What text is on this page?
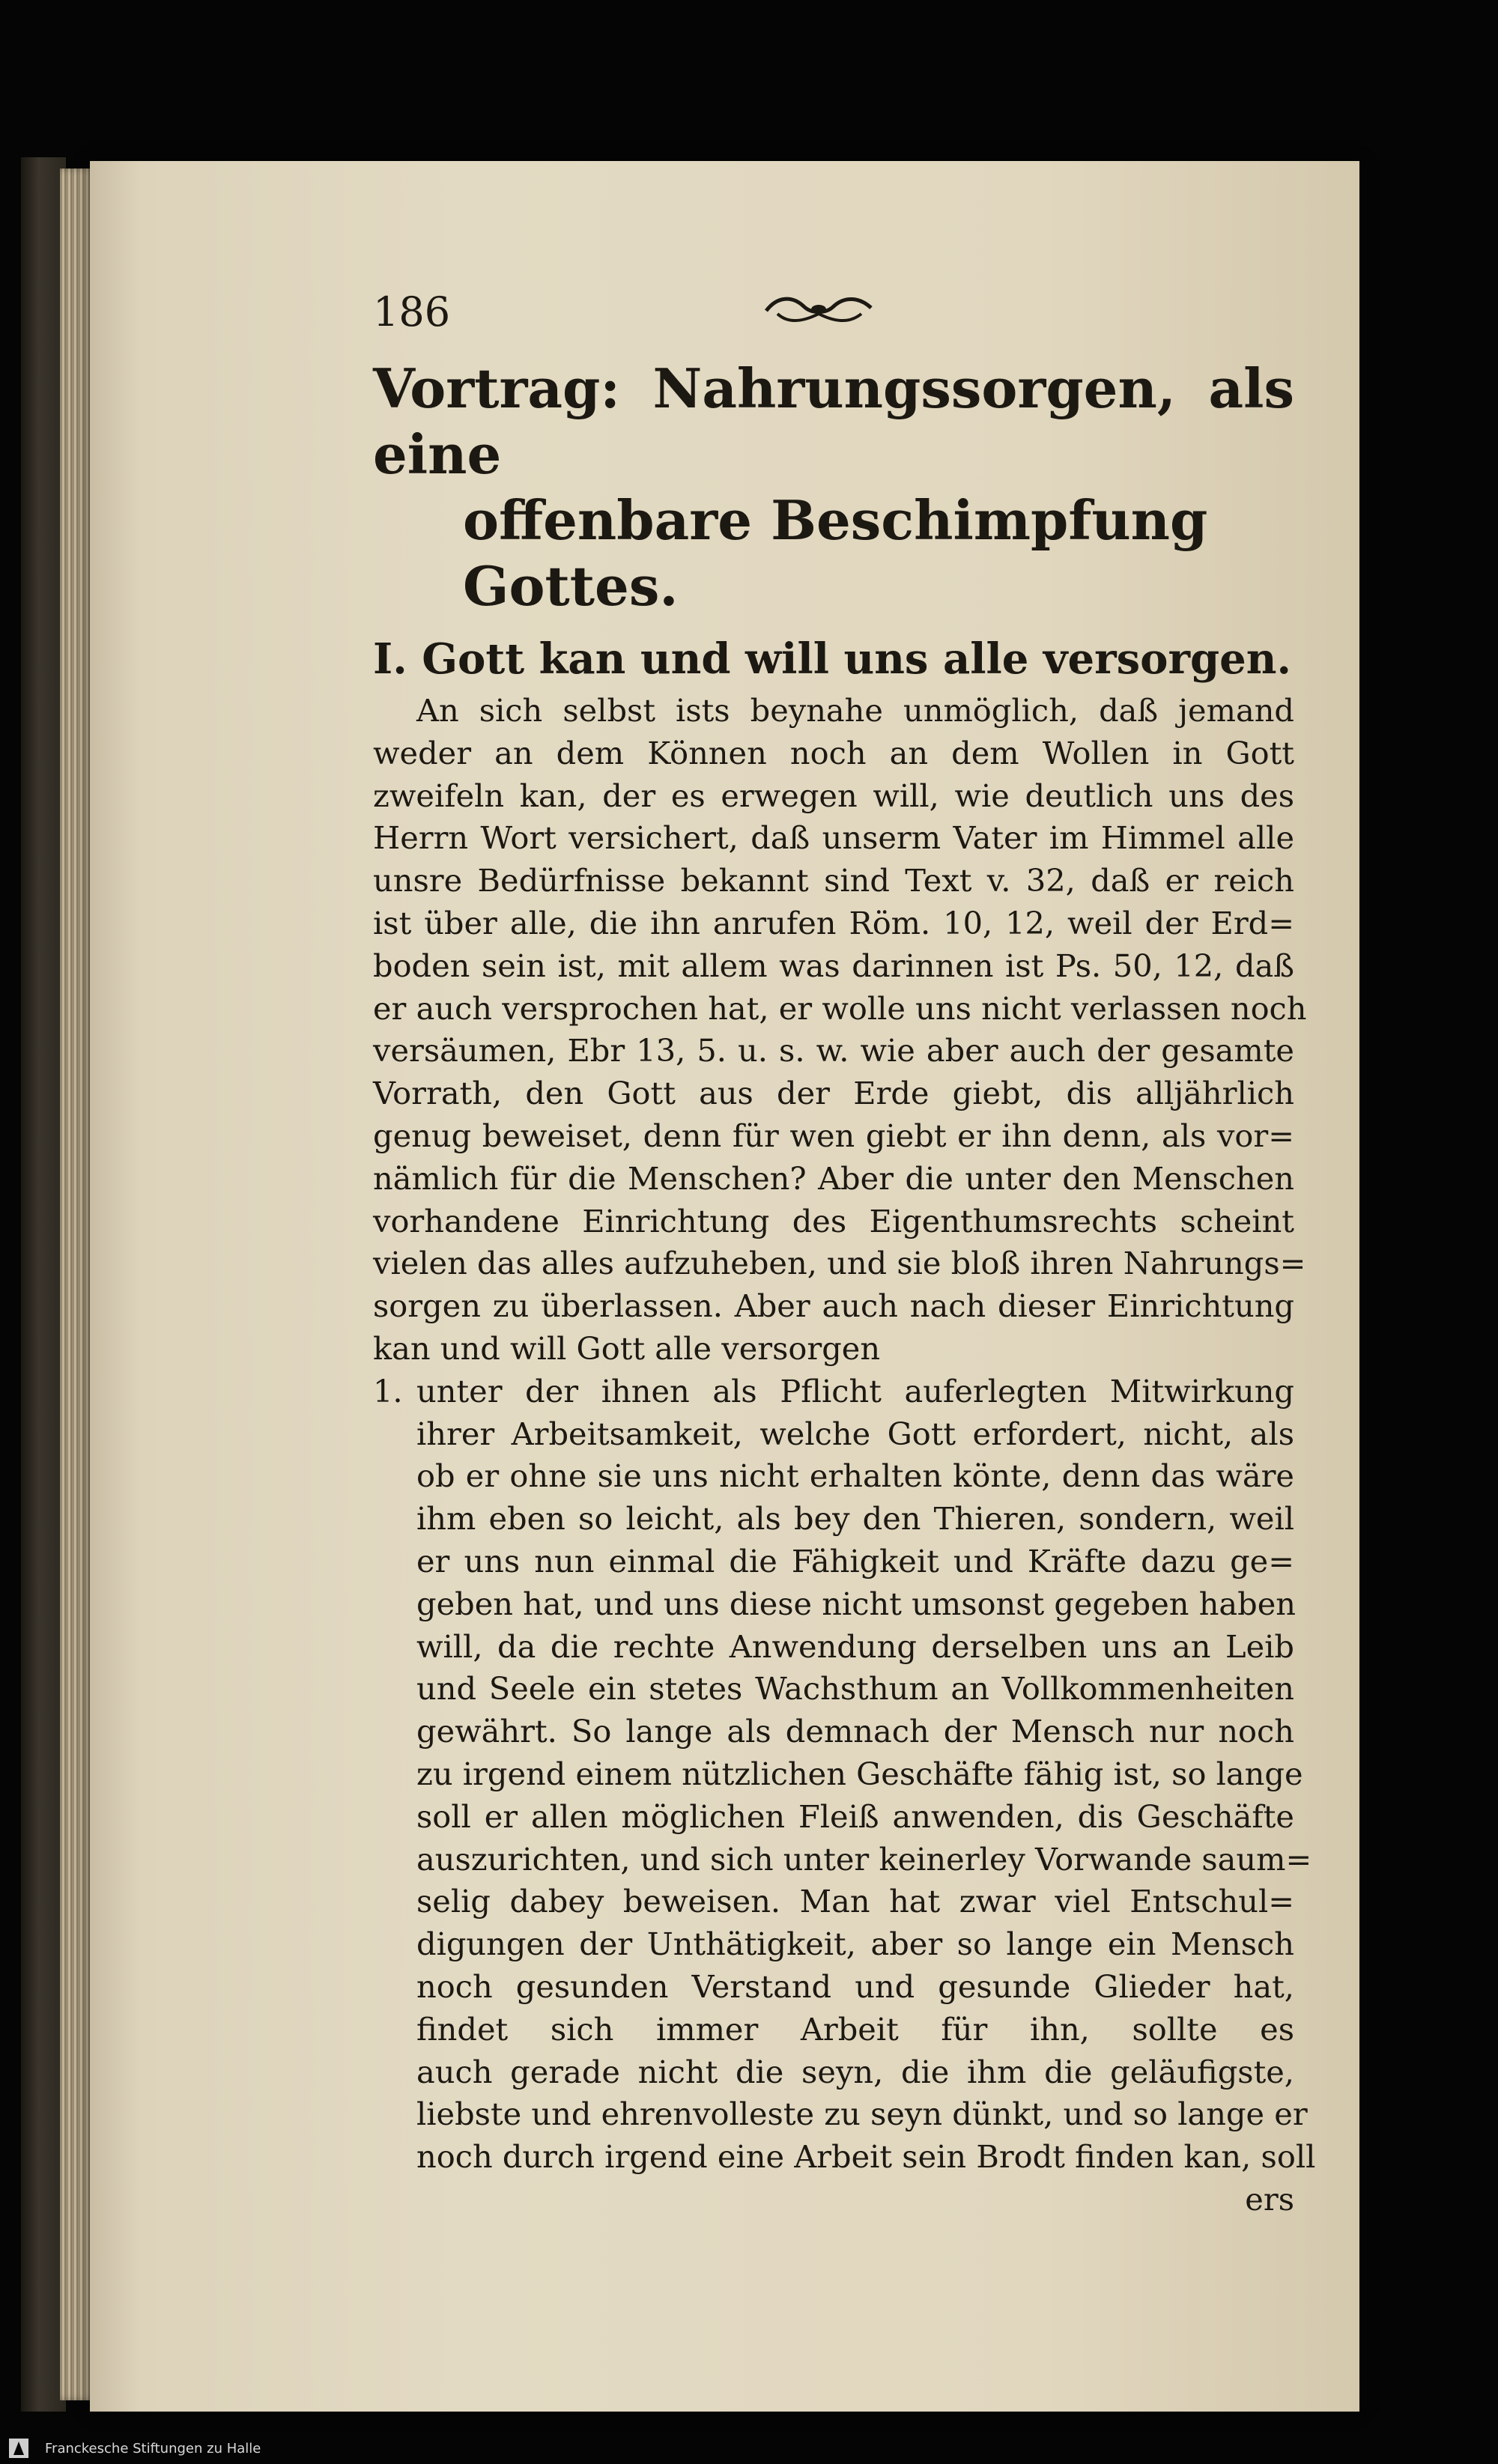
186
Vortrag: Nahrungssorgen, als eine
offenbare Beschimpfung Gottes.
I. Gott kan und will uns alle versorgen.

An sich selbst ists beynahe unmöglich, daß jemand
weder an dem Können noch an dem Wollen in Gott
zweifeln kan, der es erwegen will, wie deutlich uns des
Herrn Wort versichert, daß unserm Vater im Himmel alle
unsre Bedürfnisse bekannt sind Text v. 32, daß er reich
ist über alle, die ihn anrufen Röm. 10, 12, weil der Erd=
boden sein ist, mit allem was darinnen ist Ps. 50, 12, daß
er auch versprochen hat, er wolle uns nicht verlassen noch
versäumen, Ebr 13, 5. u. s. w. wie aber auch der gesamte
Vorrath, den Gott aus der Erde giebt, dis alljährlich
genug beweiset, denn für wen giebt er ihn denn, als vor=
nämlich für die Menschen? Aber die unter den Menschen
vorhandene Einrichtung des Eigenthumsrechts scheint
vielen das alles aufzuheben, und sie bloß ihren Nahrungs=
sorgen zu überlassen. Aber auch nach dieser Einrichtung
kan und will Gott alle versorgen

1. unter der ihnen als Pflicht auferlegten Mitwirkung
ihrer Arbeitsamkeit, welche Gott erfordert, nicht, als
ob er ohne sie uns nicht erhalten könte, denn das wäre
ihm eben so leicht, als bey den Thieren, sondern, weil
er uns nun einmal die Fähigkeit und Kräfte dazu ge=
geben hat, und uns diese nicht umsonst gegeben haben
will, da die rechte Anwendung derselben uns an Leib
und Seele ein stetes Wachsthum an Vollkommenheiten
gewährt. So lange als demnach der Mensch nur noch
zu irgend einem nützlichen Geschäfte fähig ist, so lange
soll er allen möglichen Fleiß anwenden, dis Geschäfte
auszurichten, und sich unter keinerley Vorwande saum=
selig dabey beweisen. Man hat zwar viel Entschul=
digungen der Unthätigkeit, aber so lange ein Mensch
noch gesunden Verstand und gesunde Glieder hat,
findet sich immer Arbeit für ihn, sollte es
auch gerade nicht die seyn, die ihm die geläufigste,
liebste und ehrenvolleste zu seyn dünkt, und so lange er
noch durch irgend eine Arbeit sein Brodt finden kan, soll
ers
Franckesche Stiftungen zu Halle
